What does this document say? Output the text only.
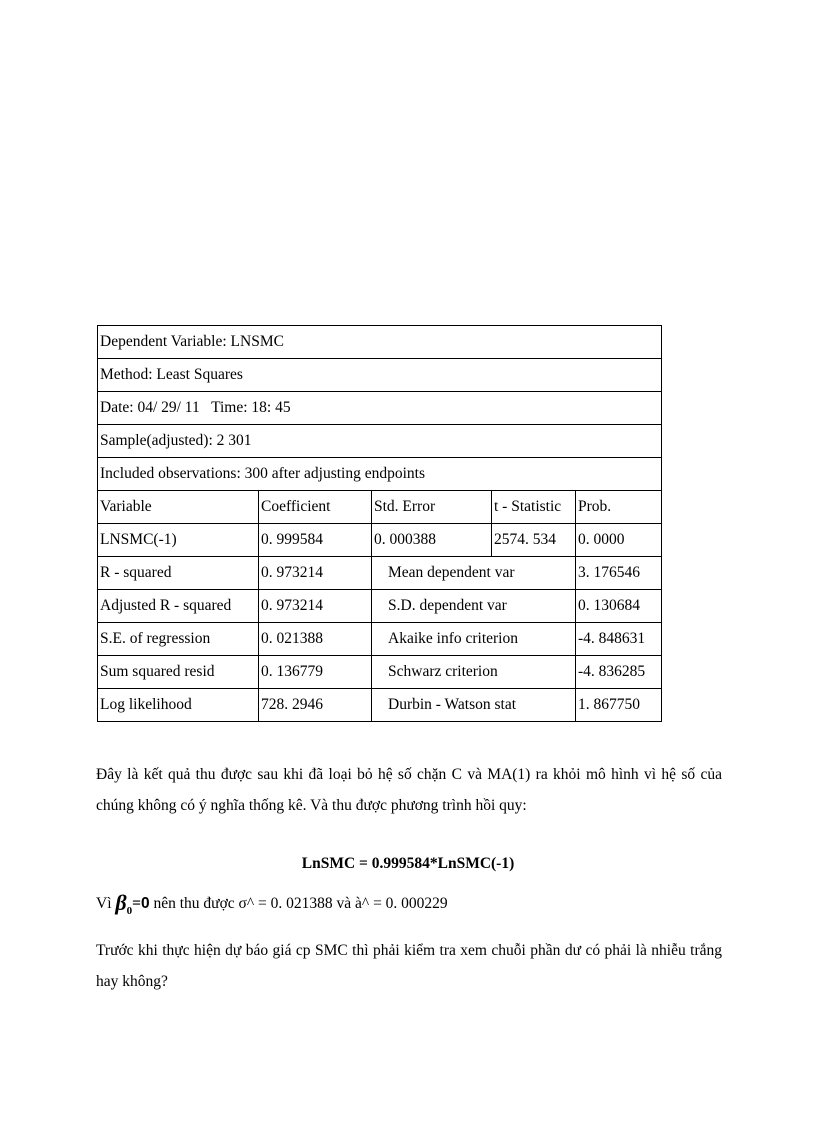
Dependent Variable: LNSMC				
Method: Least Squares				
Date: 04/ 29/ 11   Time: 18: 45				
Sample(adjusted): 2 301				
Included observations: 300 after adjusting endpoints				
Variable	Coefficient	Std. Error	t - Statistic	Prob.
LNSMC(-1)	0. 999584	0. 000388	2574. 534	0. 0000
R - squared	0. 973214	Mean dependent var		3. 176546
Adjusted R - squared	0. 973214	S.D. dependent var		0. 130684
S.E. of regression	0. 021388	Akaike info criterion		-4. 848631
Sum squared resid	0. 136779	Schwarz criterion		-4. 836285
Log likelihood	728. 2946	Durbin - Watson stat		1. 867750

Đây là kết quả thu được sau khi đã loại bỏ hệ số chặn C và MA(1) ra khỏi mô hình vì hệ số của chúng không có ý nghĩa thống kê. Và thu được phương trình hồi quy:

LnSMC = 0.999584*LnSMC(-1)
Vì β0=0 nên thu được σ^ = 0. 021388 và à^ = 0. 000229

Trước khi thực hiện dự báo giá cp SMC thì phải kiểm tra xem chuỗi phần dư có phải là nhiễu trắng hay không?
